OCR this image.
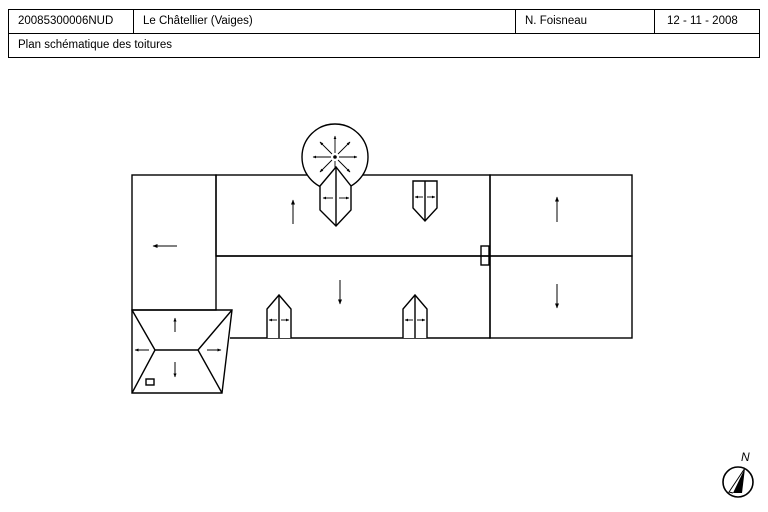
20085300006NUD	Le Châtellier (Vaiges)	N. Foisneau	12 - 11 - 2008
Plan schématique des toitures
N
